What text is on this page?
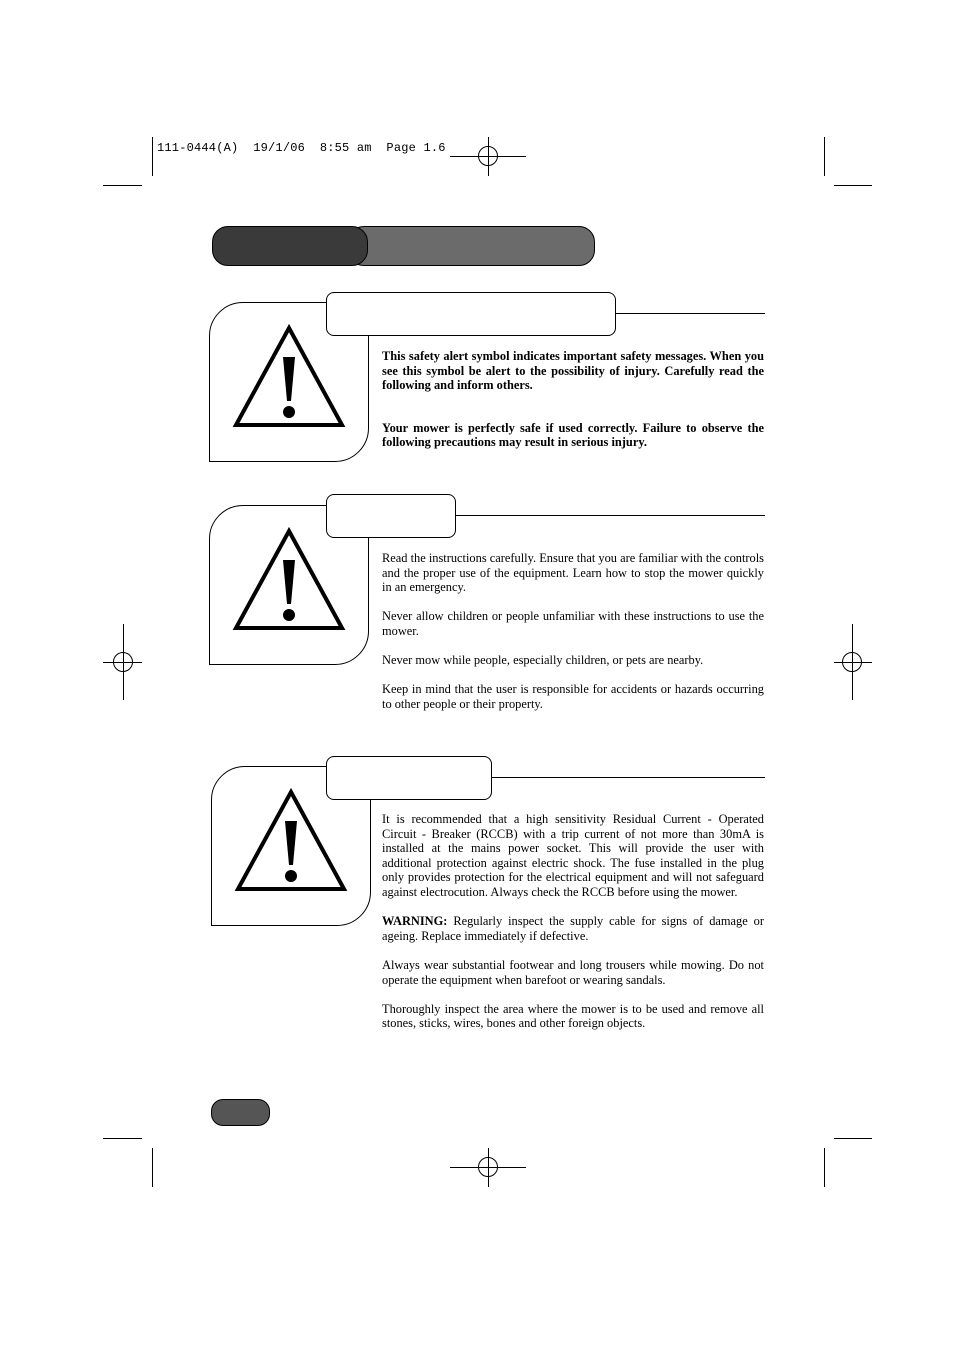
111-0444(A)  19/1/06  8:55 am  Page 1.6

This safety alert symbol indicates important safety messages. When you see this symbol be alert to the possibility of injury. Carefully read the following and inform others.

Your mower is perfectly safe if used correctly. Failure to observe the following precautions may result in serious injury.

Read the instructions carefully. Ensure that you are familiar with the controls and the proper use of the equipment. Learn how to stop the mower quickly in an emergency.

Never allow children or people unfamiliar with these instructions to use the mower.

Never mow while people, especially children, or pets are nearby.

Keep in mind that the user is responsible for accidents or hazards occurring to other people or their property.

It is recommended that a high sensitivity Residual Current - Operated Circuit - Breaker (RCCB) with a trip current of not more than 30mA is installed at the mains power socket. This will provide the user with additional protection against electric shock. The fuse installed in the plug only provides protection for the electrical equipment and will not safeguard against electrocution. Always check the RCCB before using the mower.

WARNING: Regularly inspect the supply cable for signs of damage or ageing. Replace immediately if defective.

Always wear substantial footwear and long trousers while mowing. Do not operate the equipment when barefoot or wearing sandals.

Thoroughly inspect the area where the mower is to be used and remove all stones, sticks, wires, bones and other foreign objects.
